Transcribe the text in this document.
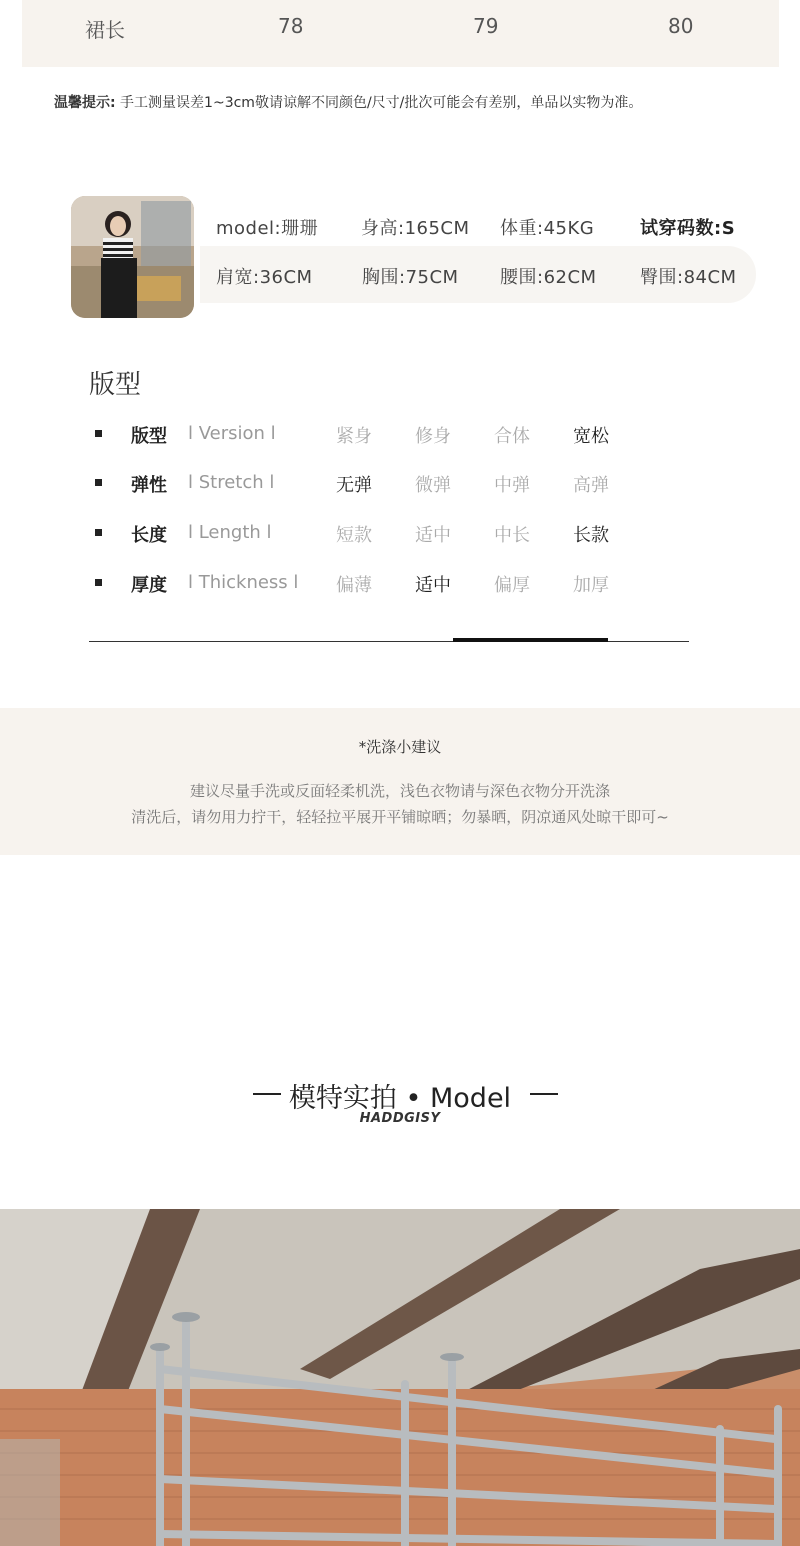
裙长	78	79	80
温馨提示: 手工测量误差1~3cm敬请谅解不同颜色/尺寸/批次可能会有差别，单品以实物为准。
model:珊珊 身高:165CM 体重:45KG	试穿码数:S
肩宽:36CM	胸围:75CM 腰围:62CM 臀围:84CM
版型
版型 l Version l	紧身 修身 合体 宽松
弹性 l Stretch l	无弹 微弹 中弹 高弹
长度 l Length l	短款 适中 中长 长款
厚度 l Thickness l 偏薄 适中 偏厚 加厚
*洗涤小建议
建议尽量手洗或反面轻柔机洗，浅色衣物请与深色衣物分开洗涤
清洗后，请勿用力拧干，轻轻拉平展开平铺晾晒；勿暴晒，阴凉通风处晾干即可~
模特实拍 • Model
HADDGISY
